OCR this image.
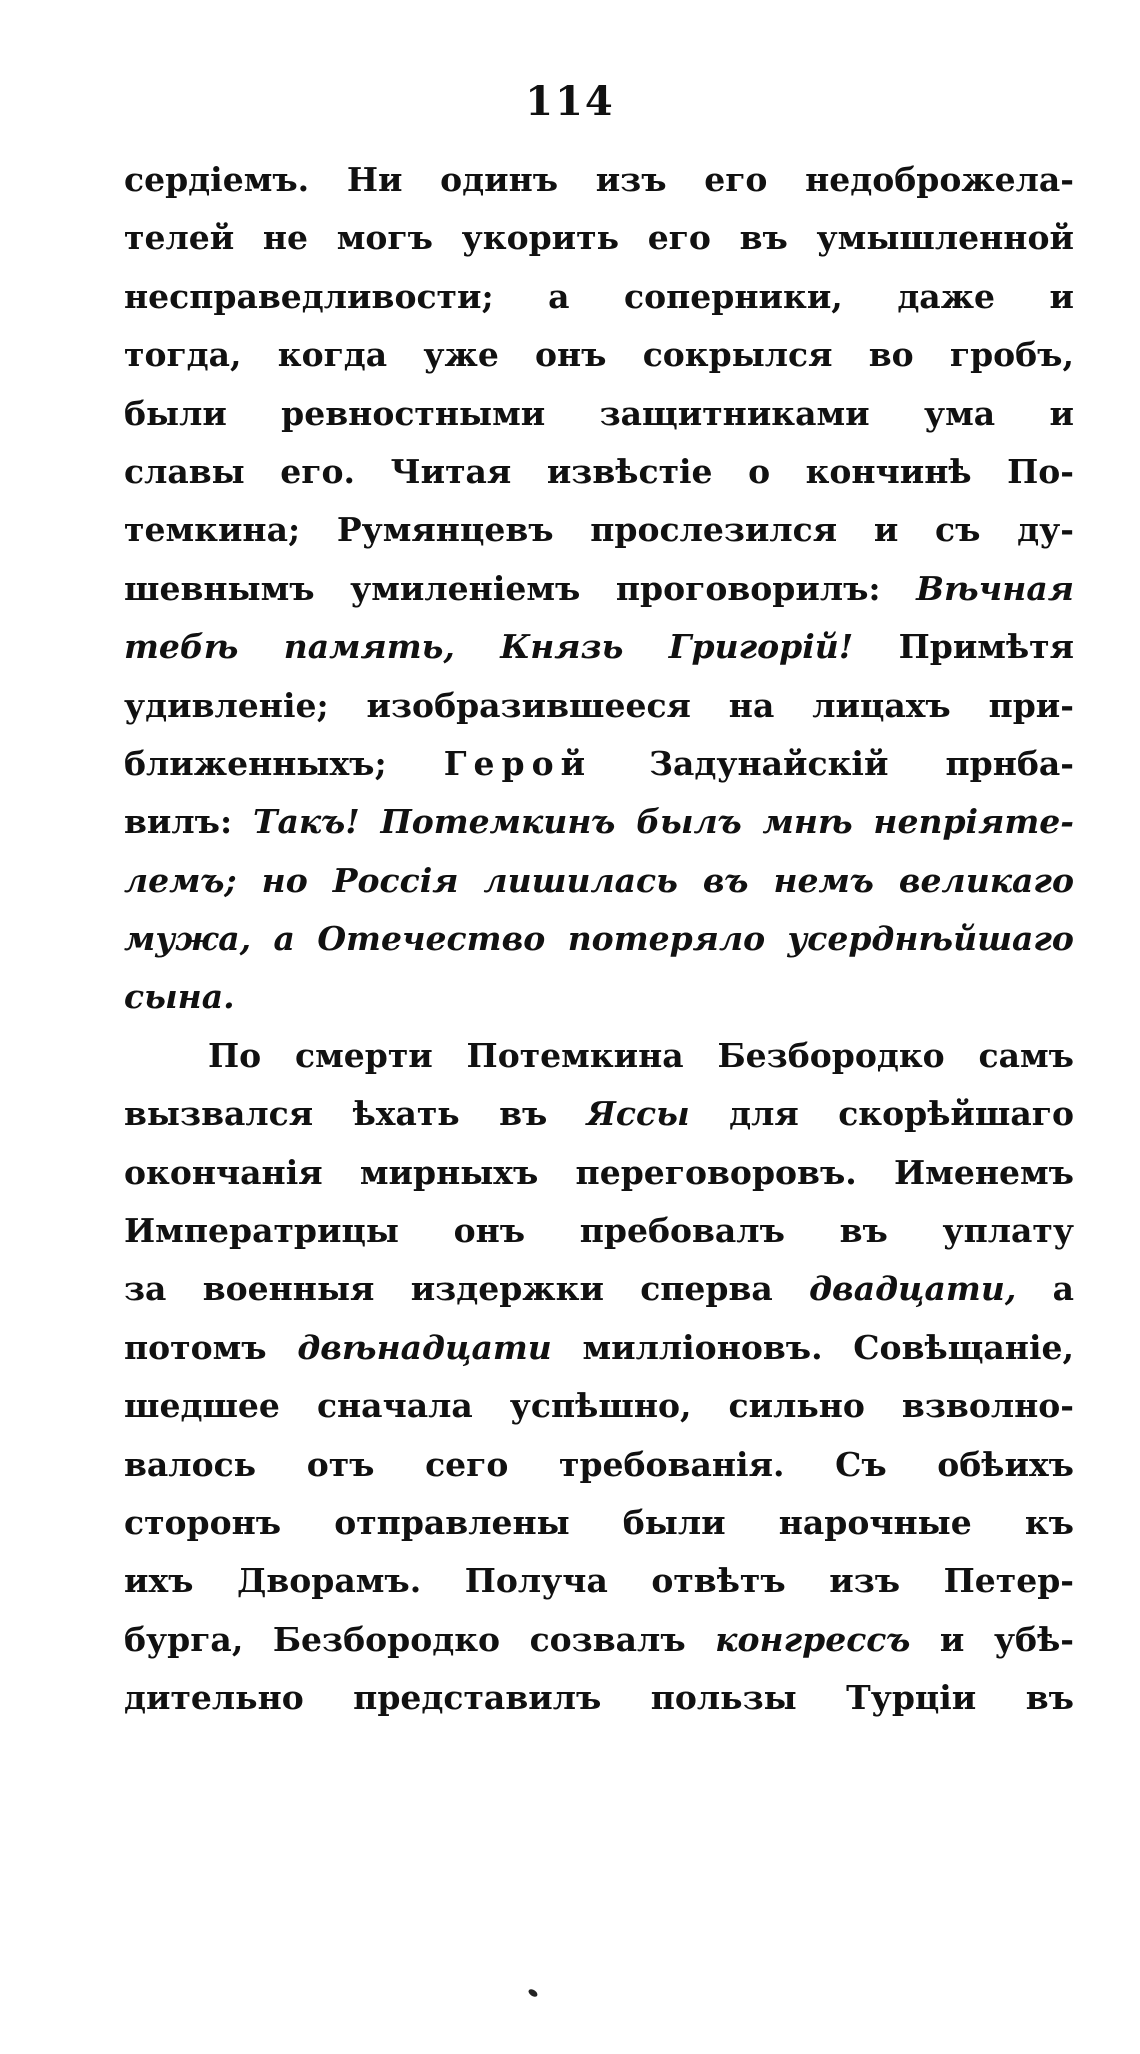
114
сердіемъ. Ни одинъ изъ его недоброжела-
телей не могъ укорить его въ умышленной
несправедливости; а соперники, даже и
тогда, когда уже онъ сокрылся во гробъ,
были ревностными защитниками ума и
славы его. Читая извѣстіе о кончинѣ По-
темкина; Румянцевъ прослезился и съ ду-
шевнымъ умиленіемъ проговорилъ: Вѣчная
тебѣ память, Князь Григорій! Примѣтя
удивленіе; изобразившееся на лицахъ при-
ближенныхъ; Герой Задунайскій прнба-
вилъ: Такъ! Потемкинъ былъ мнѣ непріяте-
лемъ; но Россія лишилась въ немъ великаго
мужа, а Отечество потеряло усерднѣйшаго
сына.
По смерти Потемкина Безбородко самъ
вызвался ѣхать въ Яссы для скорѣйшаго
окончанія мирныхъ переговоровъ. Именемъ
Императрицы онъ пребовалъ въ уплату
за военныя издержки сперва двадцати, а
потомъ двѣнадцати милліоновъ. Совѣщаніе,
шедшее сначала успѣшно, сильно взволно-
валось отъ сего требованія. Съ обѣихъ
сторонъ отправлены были нарочные къ
ихъ Дворамъ. Получа отвѣтъ изъ Петер-
бурга, Безбородко созвалъ конгрессъ и убѣ-
дительно представилъ пользы Турціи въ
